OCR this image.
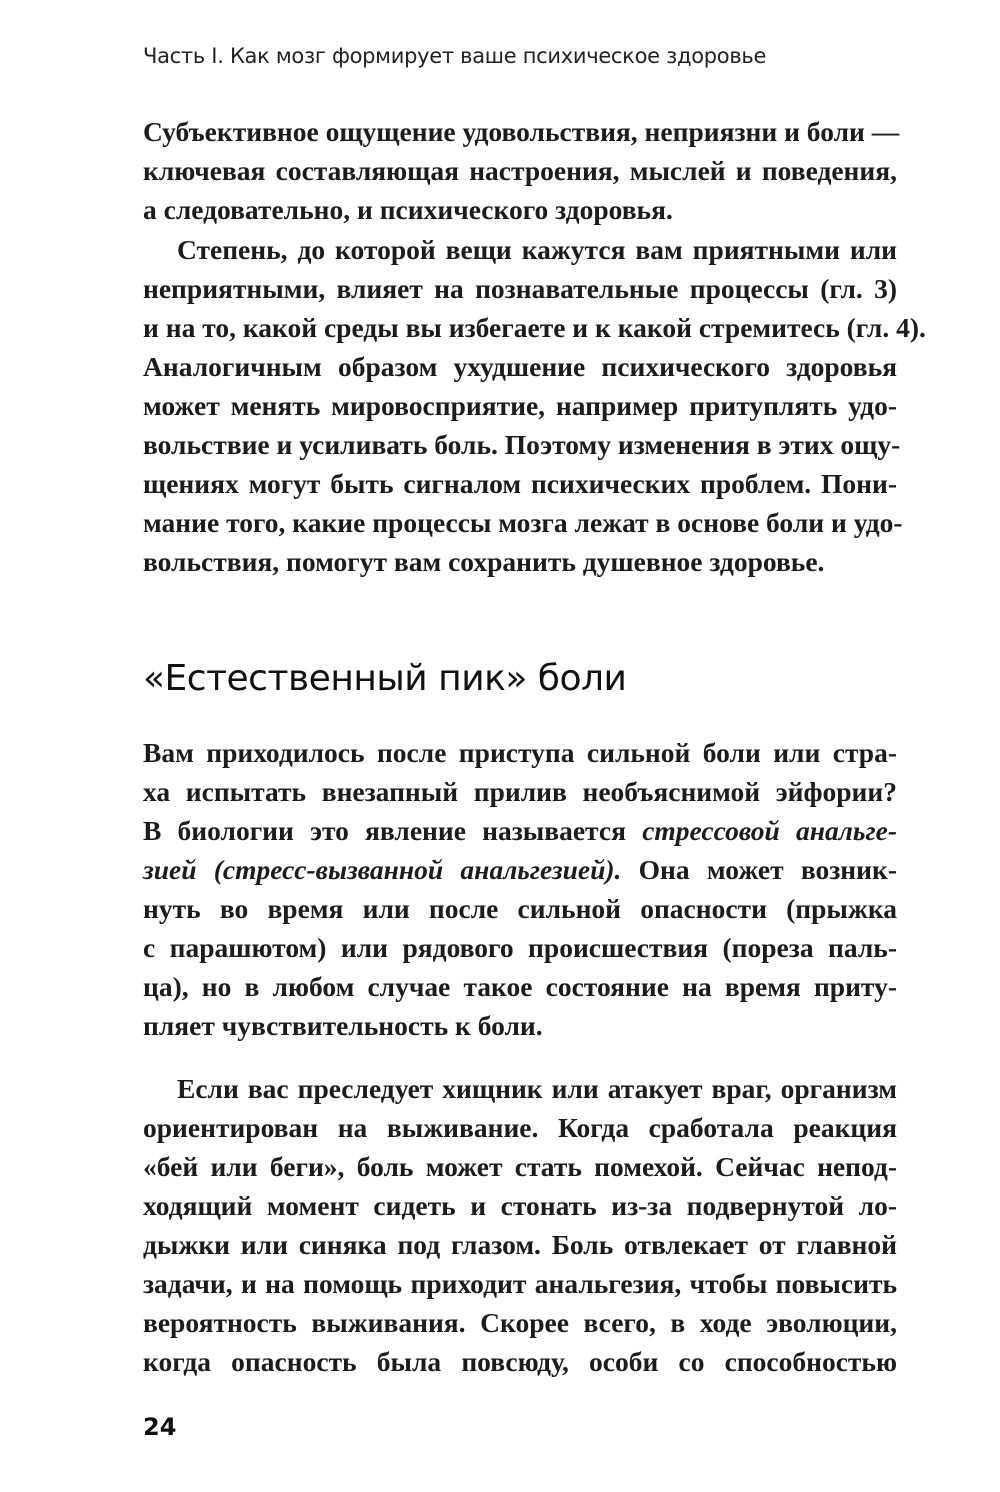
Часть I. Как мозг формирует ваше психическое здоровье
Субъективное ощущение удовольствия, неприязни и боли —
ключевая составляющая настроения, мыслей и поведения,
а следовательно, и психического здоровья.
Степень, до которой вещи кажутся вам приятными или
неприятными, влияет на познавательные процессы (гл. 3)
и на то, какой среды вы избегаете и к какой стремитесь (гл. 4).
Аналогичным образом ухудшение психического здоровья
может менять мировосприятие, например притуплять удо-
вольствие и усиливать боль. Поэтому изменения в этих ощу-
щениях могут быть сигналом психических проблем. Пони-
мание того, какие процессы мозга лежат в основе боли и удо-
вольствия, помогут вам сохранить душевное здоровье.
«Естественный пик» боли
Вам приходилось после приступа сильной боли или стра-
ха испытать внезапный прилив необъяснимой эйфории?
В биологии это явление называется стрессовой анальге-
зией (стресс-вызванной анальгезией). Она может возник-
нуть во время или после сильной опасности (прыжка
с парашютом) или рядового происшествия (пореза паль-
ца), но в любом случае такое состояние на время приту-
пляет чувствительность к боли.
Если вас преследует хищник или атакует враг, организм
ориентирован на выживание. Когда сработала реакция
«бей или беги», боль может стать помехой. Сейчас непод-
ходящий момент сидеть и стонать из-за подвернутой ло-
дыжки или синяка под глазом. Боль отвлекает от главной
задачи, и на помощь приходит анальгезия, чтобы повысить
вероятность выживания. Скорее всего, в ходе эволюции,
когда опасность была повсюду, особи со способностью
24
